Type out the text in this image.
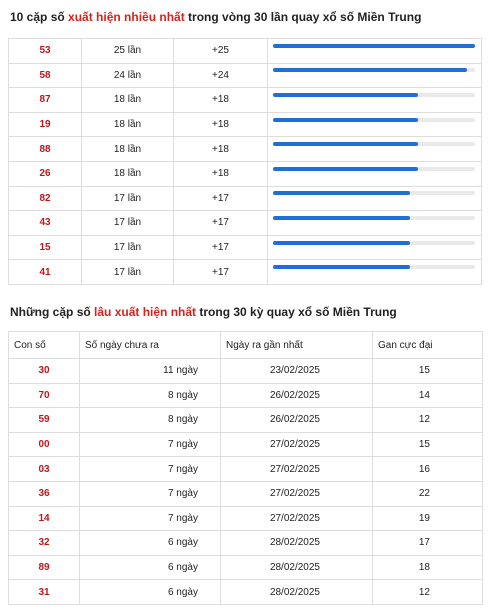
10 cặp số xuất hiện nhiều nhất trong vòng 30 lần quay xổ số Miền Trung
53	25 lần	+25	

58	24 lần	+24	

87	18 lần	+18	

19	18 lần	+18	

88	18 lần	+18	

26	18 lần	+18	

82	17 lần	+17	

43	17 lần	+17	

15	17 lần	+17	

41	17 lần	+17	
Những cặp số lâu xuất hiện nhất trong 30 kỳ quay xổ số Miền Trung
Con số	Số ngày chưa ra	Ngày ra gần nhất	Gan cực đại
30	11 ngày	23/02/2025	15
70	8 ngày	26/02/2025	14
59	8 ngày	26/02/2025	12
00	7 ngày	27/02/2025	15
03	7 ngày	27/02/2025	16
36	7 ngày	27/02/2025	22
14	7 ngày	27/02/2025	19
32	6 ngày	28/02/2025	17
89	6 ngày	28/02/2025	18
31	6 ngày	28/02/2025	12
